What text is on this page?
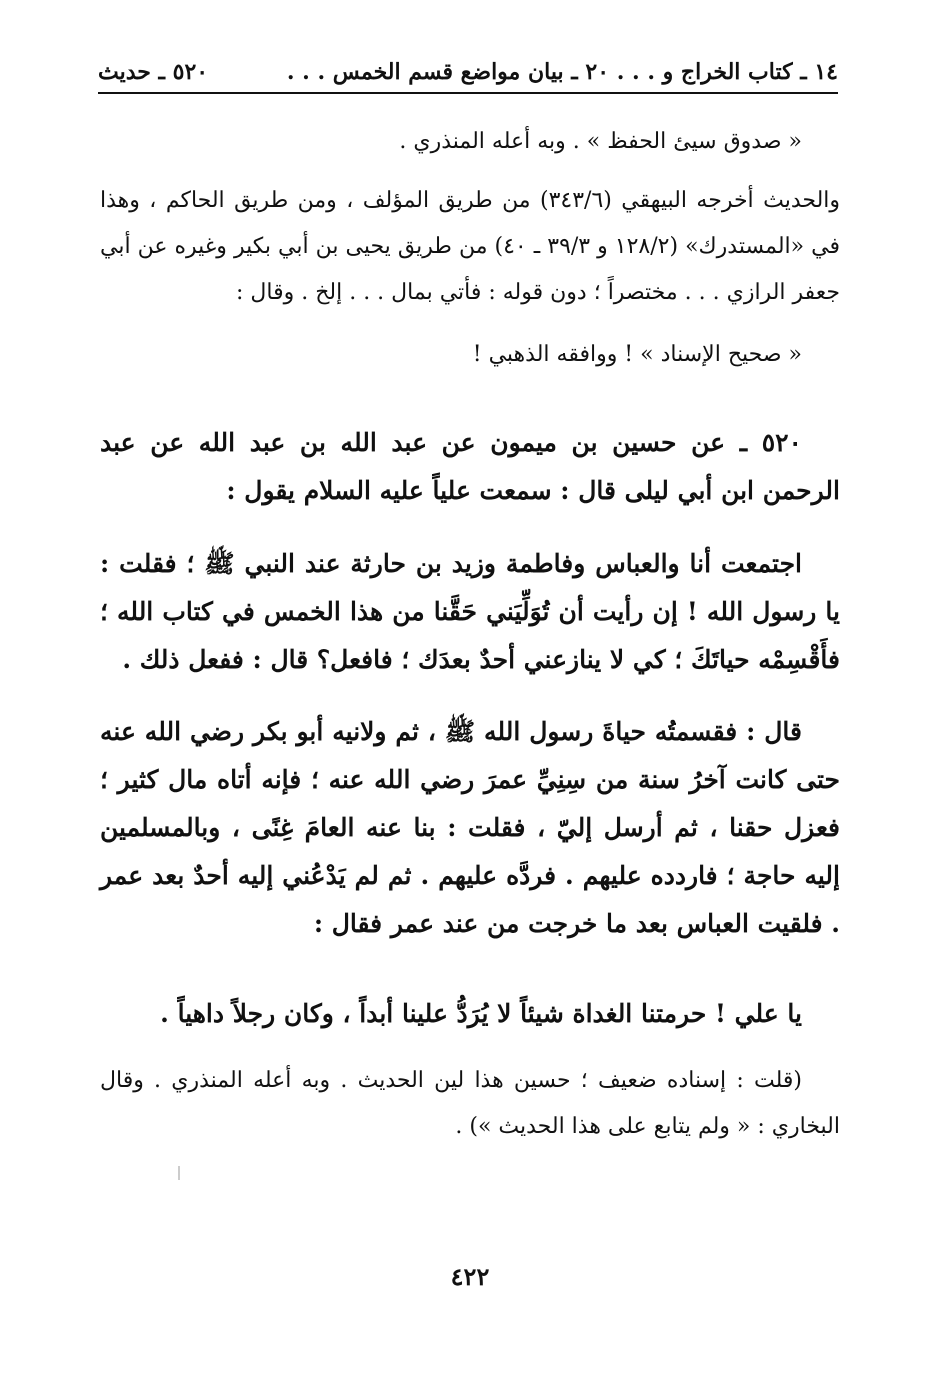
١٤ ـ كتاب الخراج و . . . ٢٠ ـ بيان مواضع قسم الخمس . . .
٥٢٠ ـ حديث
« صدوق سيئ الحفظ » . وبه أعله المنذري .
والحديث أخرجه البيهقي (٣٤٣/٦) من طريق المؤلف ، ومن طريق الحاكم ، وهذا في «المستدرك» (١٢٨/٢ و ٣٩/٣ ـ ٤٠) من طريق يحيى بن أبي بكير وغيره عن أبي جعفر الرازي . . . مختصراً ؛ دون قوله : فأتي بمال . . . إلخ . وقال :
« صحيح الإسناد » ! ووافقه الذهبي !
٥٢٠ ـ عن حسين بن ميمون عن عبد الله بن عبد الله عن عبد الرحمن ابن أبي ليلى قال : سمعت علياً عليه السلام يقول :
اجتمعت أنا والعباس وفاطمة وزيد بن حارثة عند النبي ﷺ ؛ فقلت : يا رسول الله ! إن رأيت أن تُوَلِّيَني حَقَّنا من هذا الخمس في كتاب الله ؛ فأَقْسِمْه حياتَكَ ؛ كي لا ينازعني أحدٌ بعدَك ؛ فافعل؟ قال : ففعل ذلك .
قال : فقسمتُه حياةَ رسول الله ﷺ ، ثم ولانيه أبو بكر رضي الله عنه حتى كانت آخرُ سنة من سِنِيِّ عمرَ رضي الله عنه ؛ فإنه أتاه مال كثير ؛ فعزل حقنا ، ثم أرسل إليّ ، فقلت : بنا عنه العامَ غِنًى ، وبالمسلمين إليه حاجة ؛ فاردده عليهم . فردَّه عليهم . ثم لم يَدْعُني إليه أحدٌ بعد عمر . فلقيت العباس بعد ما خرجت من عند عمر فقال :
يا علي ! حرمتنا الغداة شيئاً لا يُرَدُّ علينا أبداً ، وكان رجلاً داهياً .
(قلت : إسناده ضعيف ؛ حسين هذا لين الحديث . وبه أعله المنذري . وقال البخاري : « ولم يتابع على هذا الحديث ») .
٤٢٢
